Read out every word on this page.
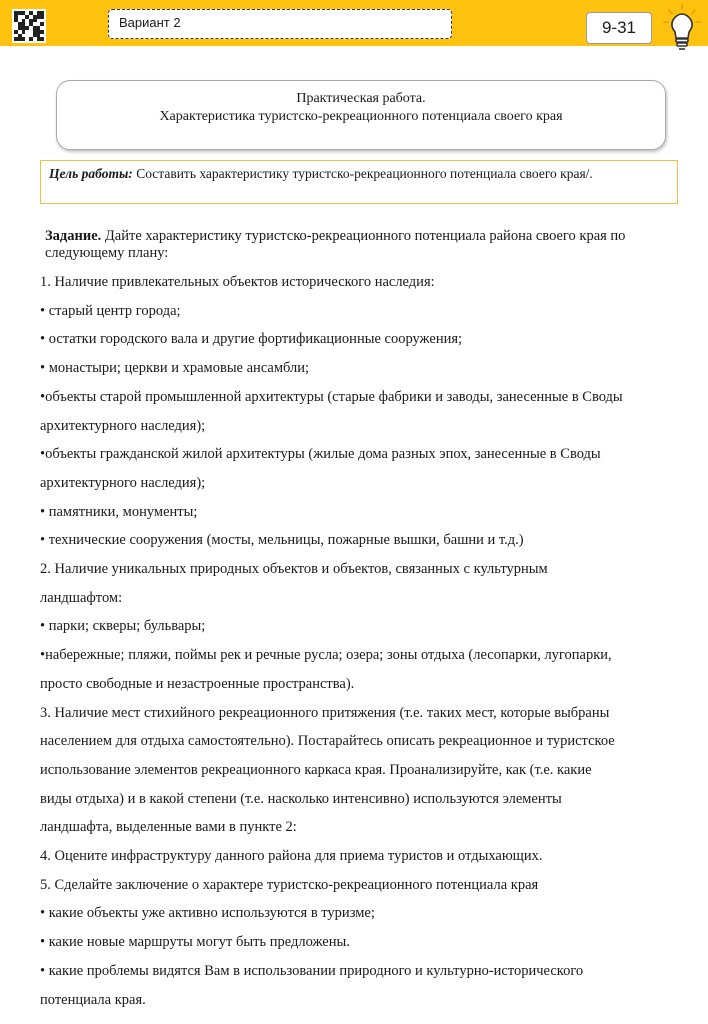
Вариант 2	9-31
Практическая работа.
Характеристика туристско-рекреационного потенциала своего края
Цель работы: Составить характеристику туристско-рекреационного потенциала своего края/.

Задание. Дайте характеристику туристско-рекреационного потенциала района своего края по следующему плану:

1. Наличие привлекательных объектов исторического наследия:

• старый центр города;

• остатки городского вала и другие фортификационные сооружения;

• монастыри; церкви и храмовые ансамбли;

•объекты старой промышленной архитектуры (старые фабрики и заводы, занесенные в Своды

архитектурного наследия);

•объекты гражданской жилой архитектуры (жилые дома разных эпох, занесенные в Своды

архитектурного наследия);

• памятники, монументы;

• технические сооружения (мосты, мельницы, пожарные вышки, башни и т.д.)

2. Наличие уникальных природных объектов и объектов, связанных с культурным

ландшафтом:

• парки; скверы; бульвары;

•набережные; пляжи, поймы рек и речные русла; озера; зоны отдыха (лесопарки, лугопарки,

просто свободные и незастроенные пространства).

3. Наличие мест стихийного рекреационного притяжения (т.е. таких мест, которые выбраны

населением для отдыха самостоятельно). Постарайтесь описать рекреационное и туристское

использование элементов рекреационного каркаса края. Проанализируйте, как (т.е. какие

виды отдыха) и в какой степени (т.е. насколько интенсивно) используются элементы

ландшафта, выделенные вами в пункте 2:

4. Оцените инфраструктуру данного района для приема туристов и отдыхающих.

5. Сделайте заключение о характере туристско-рекреационного потенциала края

• какие объекты уже активно используются в туризме;

• какие новые маршруты могут быть предложены.

• какие проблемы видятся Вам в использовании природного и культурно-исторического

потенциала края.
